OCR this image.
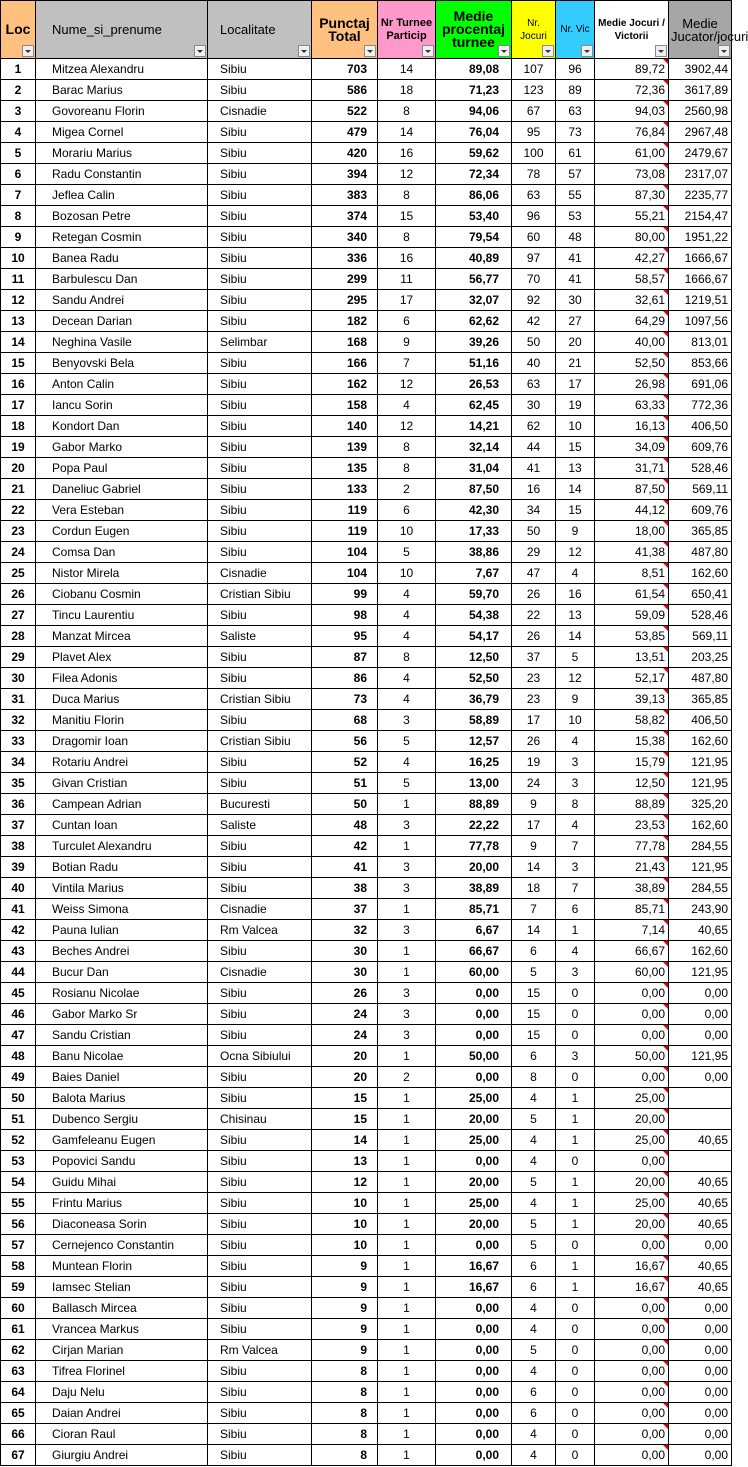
Loc	Nume_si_prenume	Localitate	Punctaj Total	Nr Turnee Particip	Medie procentaj turnee	Nr. Jocuri	Nr. Vic	Medie Jocuri / Victorii	Medie Jucator/jocuri

1	Mitzea Alexandru	Sibiu	703	14	89,08	107	96	89,72	3902,44
2	Barac Marius	Sibiu	586	18	71,23	123	89	72,36	3617,89
3	Govoreanu Florin	Cisnadie	522	8	94,06	67	63	94,03	2560,98
4	Migea Cornel	Sibiu	479	14	76,04	95	73	76,84	2967,48
5	Morariu Marius	Sibiu	420	16	59,62	100	61	61,00	2479,67
6	Radu Constantin	Sibiu	394	12	72,34	78	57	73,08	2317,07
7	Jeflea Calin	Sibiu	383	8	86,06	63	55	87,30	2235,77
8	Bozosan Petre	Sibiu	374	15	53,40	96	53	55,21	2154,47
9	Retegan Cosmin	Sibiu	340	8	79,54	60	48	80,00	1951,22
10	Banea Radu	Sibiu	336	16	40,89	97	41	42,27	1666,67
11	Barbulescu Dan	Sibiu	299	11	56,77	70	41	58,57	1666,67
12	Sandu Andrei	Sibiu	295	17	32,07	92	30	32,61	1219,51
13	Decean Darian	Sibiu	182	6	62,62	42	27	64,29	1097,56
14	Neghina Vasile	Selimbar	168	9	39,26	50	20	40,00	813,01
15	Benyovski Bela	Sibiu	166	7	51,16	40	21	52,50	853,66
16	Anton Calin	Sibiu	162	12	26,53	63	17	26,98	691,06
17	Iancu Sorin	Sibiu	158	4	62,45	30	19	63,33	772,36
18	Kondort Dan	Sibiu	140	12	14,21	62	10	16,13	406,50
19	Gabor Marko	Sibiu	139	8	32,14	44	15	34,09	609,76
20	Popa Paul	Sibiu	135	8	31,04	41	13	31,71	528,46
21	Daneliuc Gabriel	Sibiu	133	2	87,50	16	14	87,50	569,11
22	Vera Esteban	Sibiu	119	6	42,30	34	15	44,12	609,76
23	Cordun Eugen	Sibiu	119	10	17,33	50	9	18,00	365,85
24	Comsa Dan	Sibiu	104	5	38,86	29	12	41,38	487,80
25	Nistor Mirela	Cisnadie	104	10	7,67	47	4	8,51	162,60
26	Ciobanu Cosmin	Cristian Sibiu	99	4	59,70	26	16	61,54	650,41
27	Tincu Laurentiu	Sibiu	98	4	54,38	22	13	59,09	528,46
28	Manzat Mircea	Saliste	95	4	54,17	26	14	53,85	569,11
29	Plavet Alex	Sibiu	87	8	12,50	37	5	13,51	203,25
30	Filea Adonis	Sibiu	86	4	52,50	23	12	52,17	487,80
31	Duca Marius	Cristian Sibiu	73	4	36,79	23	9	39,13	365,85
32	Manitiu Florin	Sibiu	68	3	58,89	17	10	58,82	406,50
33	Dragomir Ioan	Cristian Sibiu	56	5	12,57	26	4	15,38	162,60
34	Rotariu Andrei	Sibiu	52	4	16,25	19	3	15,79	121,95
35	Givan Cristian	Sibiu	51	5	13,00	24	3	12,50	121,95
36	Campean Adrian	Bucuresti	50	1	88,89	9	8	88,89	325,20
37	Cuntan Ioan	Saliste	48	3	22,22	17	4	23,53	162,60
38	Turculet Alexandru	Sibiu	42	1	77,78	9	7	77,78	284,55
39	Botian Radu	Sibiu	41	3	20,00	14	3	21,43	121,95
40	Vintila Marius	Sibiu	38	3	38,89	18	7	38,89	284,55
41	Weiss Simona	Cisnadie	37	1	85,71	7	6	85,71	243,90
42	Pauna Iulian	Rm Valcea	32	3	6,67	14	1	7,14	40,65
43	Beches Andrei	Sibiu	30	1	66,67	6	4	66,67	162,60
44	Bucur Dan	Cisnadie	30	1	60,00	5	3	60,00	121,95
45	Rosianu Nicolae	Sibiu	26	3	0,00	15	0	0,00	0,00
46	Gabor Marko Sr	Sibiu	24	3	0,00	15	0	0,00	0,00
47	Sandu Cristian	Sibiu	24	3	0,00	15	0	0,00	0,00
48	Banu Nicolae	Ocna Sibiului	20	1	50,00	6	3	50,00	121,95
49	Baies Daniel	Sibiu	20	2	0,00	8	0	0,00	0,00
50	Balota Marius	Sibiu	15	1	25,00	4	1	25,00	
51	Dubenco Sergiu	Chisinau	15	1	20,00	5	1	20,00	
52	Gamfeleanu Eugen	Sibiu	14	1	25,00	4	1	25,00	40,65
53	Popovici Sandu	Sibiu	13	1	0,00	4	0	0,00	
54	Guidu Mihai	Sibiu	12	1	20,00	5	1	20,00	40,65
55	Frintu Marius	Sibiu	10	1	25,00	4	1	25,00	40,65
56	Diaconeasa Sorin	Sibiu	10	1	20,00	5	1	20,00	40,65
57	Cernejenco Constantin	Sibiu	10	1	0,00	5	0	0,00	0,00
58	Muntean Florin	Sibiu	9	1	16,67	6	1	16,67	40,65
59	Iamsec Stelian	Sibiu	9	1	16,67	6	1	16,67	40,65
60	Ballasch Mircea	Sibiu	9	1	0,00	4	0	0,00	0,00
61	Vrancea Markus	Sibiu	9	1	0,00	4	0	0,00	0,00
62	Cirjan Marian	Rm Valcea	9	1	0,00	5	0	0,00	0,00
63	Tifrea Florinel	Sibiu	8	1	0,00	4	0	0,00	0,00
64	Daju Nelu	Sibiu	8	1	0,00	6	0	0,00	0,00
65	Daian Andrei	Sibiu	8	1	0,00	6	0	0,00	0,00
66	Cioran Raul	Sibiu	8	1	0,00	4	0	0,00	0,00
67	Giurgiu Andrei	Sibiu	8	1	0,00	4	0	0,00	0,00
